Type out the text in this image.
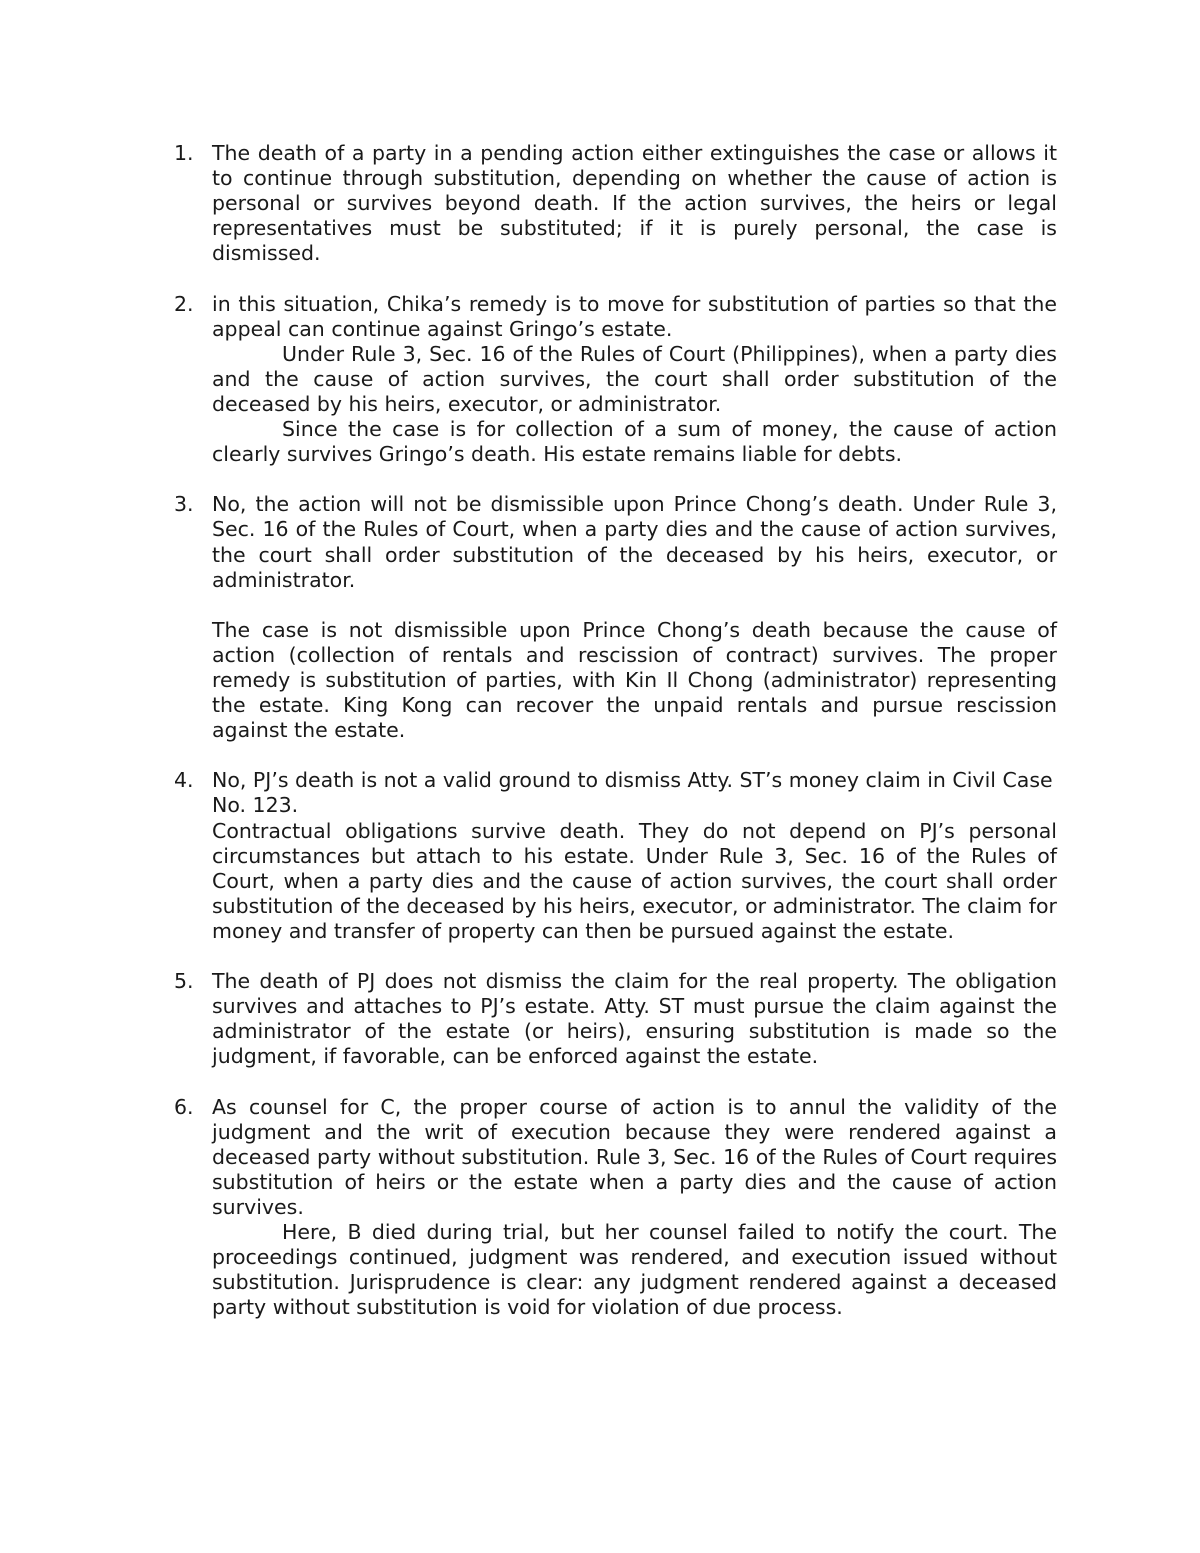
1. The death of a party in a pending action either extinguishes the case or allows it to continue through substitution, depending on whether the cause of action is personal or survives beyond death. If the action survives, the heirs or legal representatives must be substituted; if it is purely personal, the case is dismissed.

2. in this situation, Chika’s remedy is to move for substitution of parties so that the appeal can continue against Gringo’s estate.

Under Rule 3, Sec. 16 of the Rules of Court (Philippines), when a party dies and the cause of action survives, the court shall order substitution of the deceased by his heirs, executor, or administrator.

Since the case is for collection of a sum of money, the cause of action clearly survives Gringo’s death. His estate remains liable for debts.

3. No, the action will not be dismissible upon Prince Chong’s death. Under Rule 3, Sec. 16 of the Rules of Court, when a party dies and the cause of action survives, the court shall order substitution of the deceased by his heirs, executor, or administrator.

The case is not dismissible upon Prince Chong’s death because the cause of action (collection of rentals and rescission of contract) survives. The proper remedy is substitution of parties, with Kin Il Chong (administrator) representing the estate. King Kong can recover the unpaid rentals and pursue rescission against the estate.

4. No, PJ’s death is not a valid ground to dismiss Atty. ST’s money claim in Civil Case No. 123.

Contractual obligations survive death. They do not depend on PJ’s personal circumstances but attach to his estate. Under Rule 3, Sec. 16 of the Rules of Court, when a party dies and the cause of action survives, the court shall order substitution of the deceased by his heirs, executor, or administrator. The claim for money and transfer of property can then be pursued against the estate.

5. The death of PJ does not dismiss the claim for the real property. The obligation survives and attaches to PJ’s estate. Atty. ST must pursue the claim against the administrator of the estate (or heirs), ensuring substitution is made so the judgment, if favorable, can be enforced against the estate.

6. As counsel for C, the proper course of action is to annul the validity of the judgment and the writ of execution because they were rendered against a deceased party without substitution. Rule 3, Sec. 16 of the Rules of Court requires substitution of heirs or the estate when a party dies and the cause of action survives.

Here, B died during trial, but her counsel failed to notify the court. The proceedings continued, judgment was rendered, and execution issued without substitution. Jurisprudence is clear: any judgment rendered against a deceased party without substitution is void for violation of due process.
